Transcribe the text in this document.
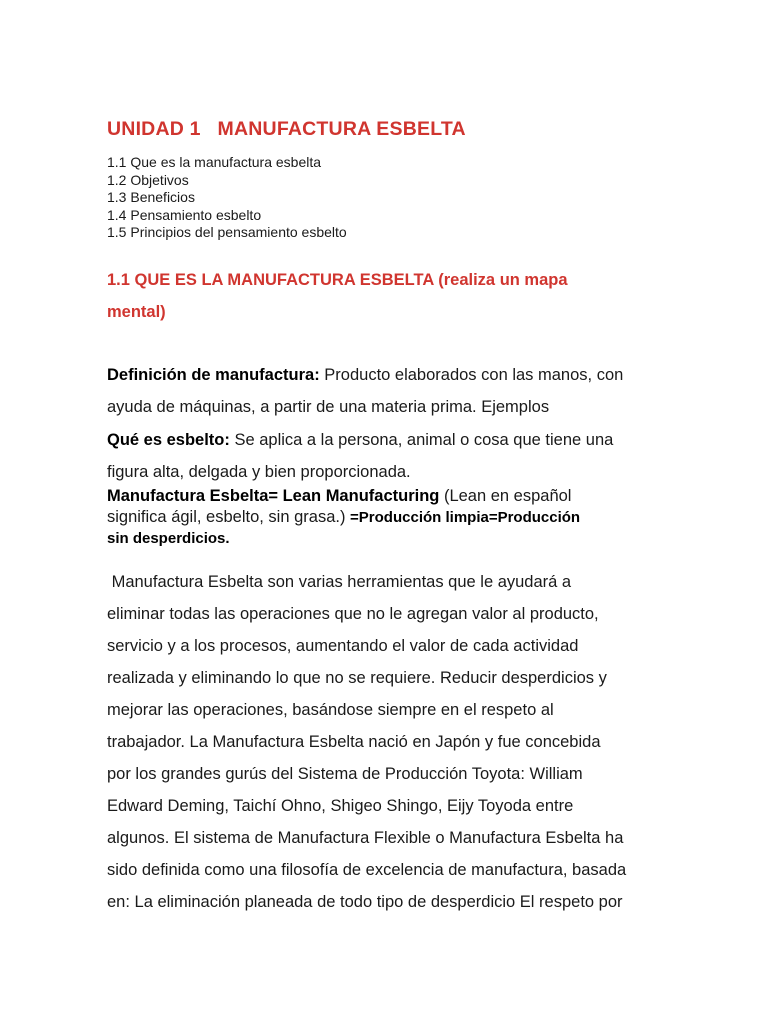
UNIDAD 1   MANUFACTURA ESBELTA
1.1 Que es la manufactura esbelta
1.2 Objetivos
1.3 Beneficios
1.4 Pensamiento esbelto
1.5 Principios del pensamiento esbelto
1.1 QUE ES LA MANUFACTURA ESBELTA (realiza un mapa
mental)

Definición de manufactura: Producto elaborados con las manos, con
ayuda de máquinas, a partir de una materia prima. Ejemplos

Qué es esbelto: Se aplica a la persona, animal o cosa que tiene una
figura alta, delgada y bien proporcionada.

Manufactura Esbelta= Lean Manufacturing (Lean en español
significa ágil, esbelto, sin grasa.) =Producción limpia=Producción
sin desperdicios.

Manufactura Esbelta son varias herramientas que le ayudará a
eliminar todas las operaciones que no le agregan valor al producto,
servicio y a los procesos, aumentando el valor de cada actividad
realizada y eliminando lo que no se requiere. Reducir desperdicios y
mejorar las operaciones, basándose siempre en el respeto al
trabajador. La Manufactura Esbelta nació en Japón y fue concebida
por los grandes gurús del Sistema de Producción Toyota: William
Edward Deming, Taichí Ohno, Shigeo Shingo, Eijy Toyoda entre
algunos. El sistema de Manufactura Flexible o Manufactura Esbelta ha
sido definida como una filosofía de excelencia de manufactura, basada
en: La eliminación planeada de todo tipo de desperdicio El respeto por
